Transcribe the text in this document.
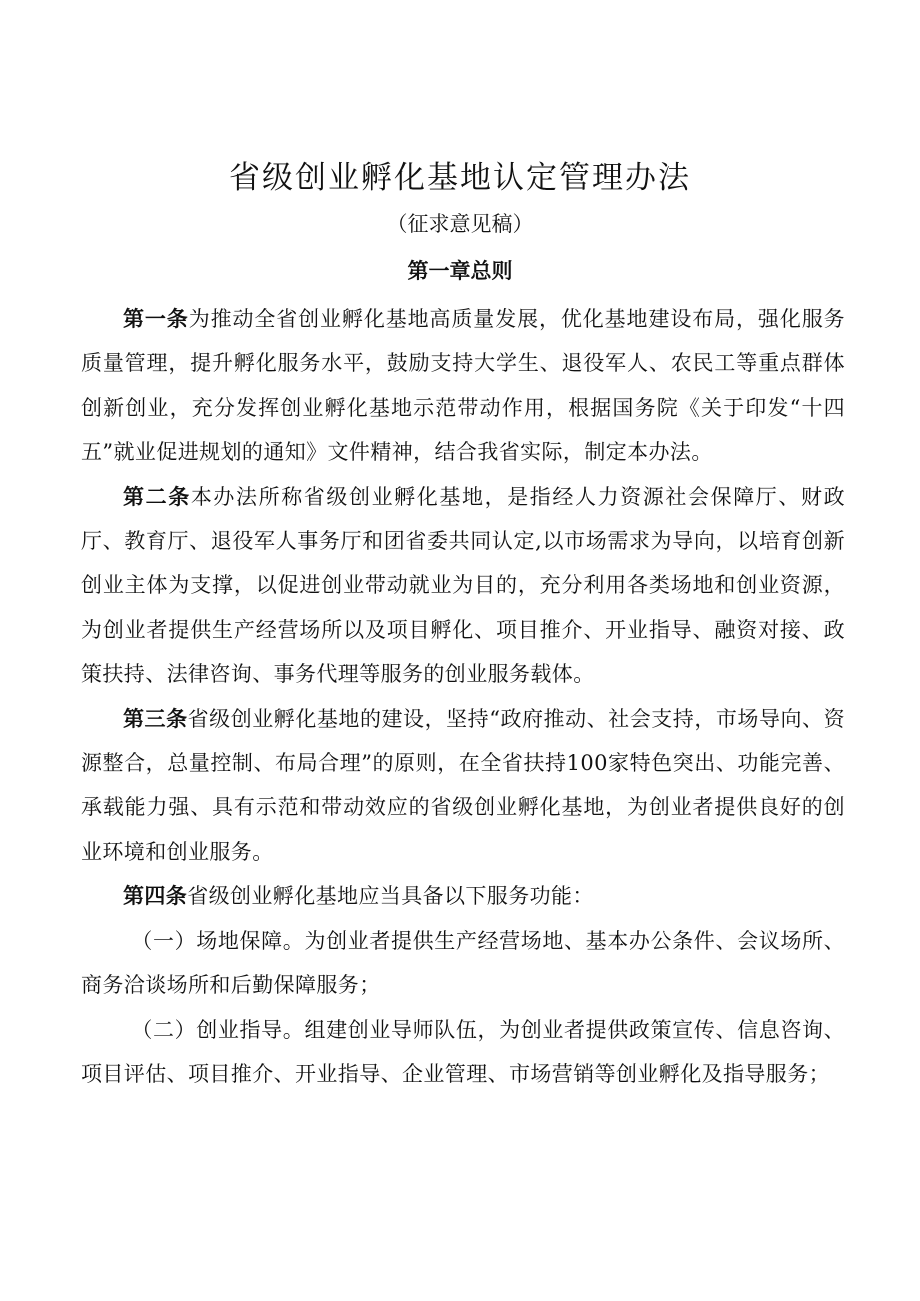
省级创业孵化基地认定管理办法
（征求意见稿）
第一章总则

第一条为推动全省创业孵化基地高质量发展，优化基地建设布局，强化服务质量管理，提升孵化服务水平，鼓励支持大学生、退役军人、农民工等重点群体创新创业，充分发挥创业孵化基地示范带动作用，根据国务院《关于印发“十四五”就业促进规划的通知》文件精神，结合我省实际，制定本办法。

第二条本办法所称省级创业孵化基地，是指经人力资源社会保障厅、财政厅、教育厅、退役军人事务厅和团省委共同认定,以市场需求为导向，以培育创新创业主体为支撑，以促进创业带动就业为目的，充分利用各类场地和创业资源，为创业者提供生产经营场所以及项目孵化、项目推介、开业指导、融资对接、政策扶持、法律咨询、事务代理等服务的创业服务载体。

第三条省级创业孵化基地的建设，坚持“政府推动、社会支持，市场导向、资源整合，总量控制、布局合理”的原则，在全省扶持100家特色突出、功能完善、承载能力强、具有示范和带动效应的省级创业孵化基地，为创业者提供良好的创业环境和创业服务。

第四条省级创业孵化基地应当具备以下服务功能：

（一）场地保障。为创业者提供生产经营场地、基本办公条件、会议场所、商务洽谈场所和后勤保障服务；

（二）创业指导。组建创业导师队伍，为创业者提供政策宣传、信息咨询、项目评估、项目推介、开业指导、企业管理、市场营销等创业孵化及指导服务；
